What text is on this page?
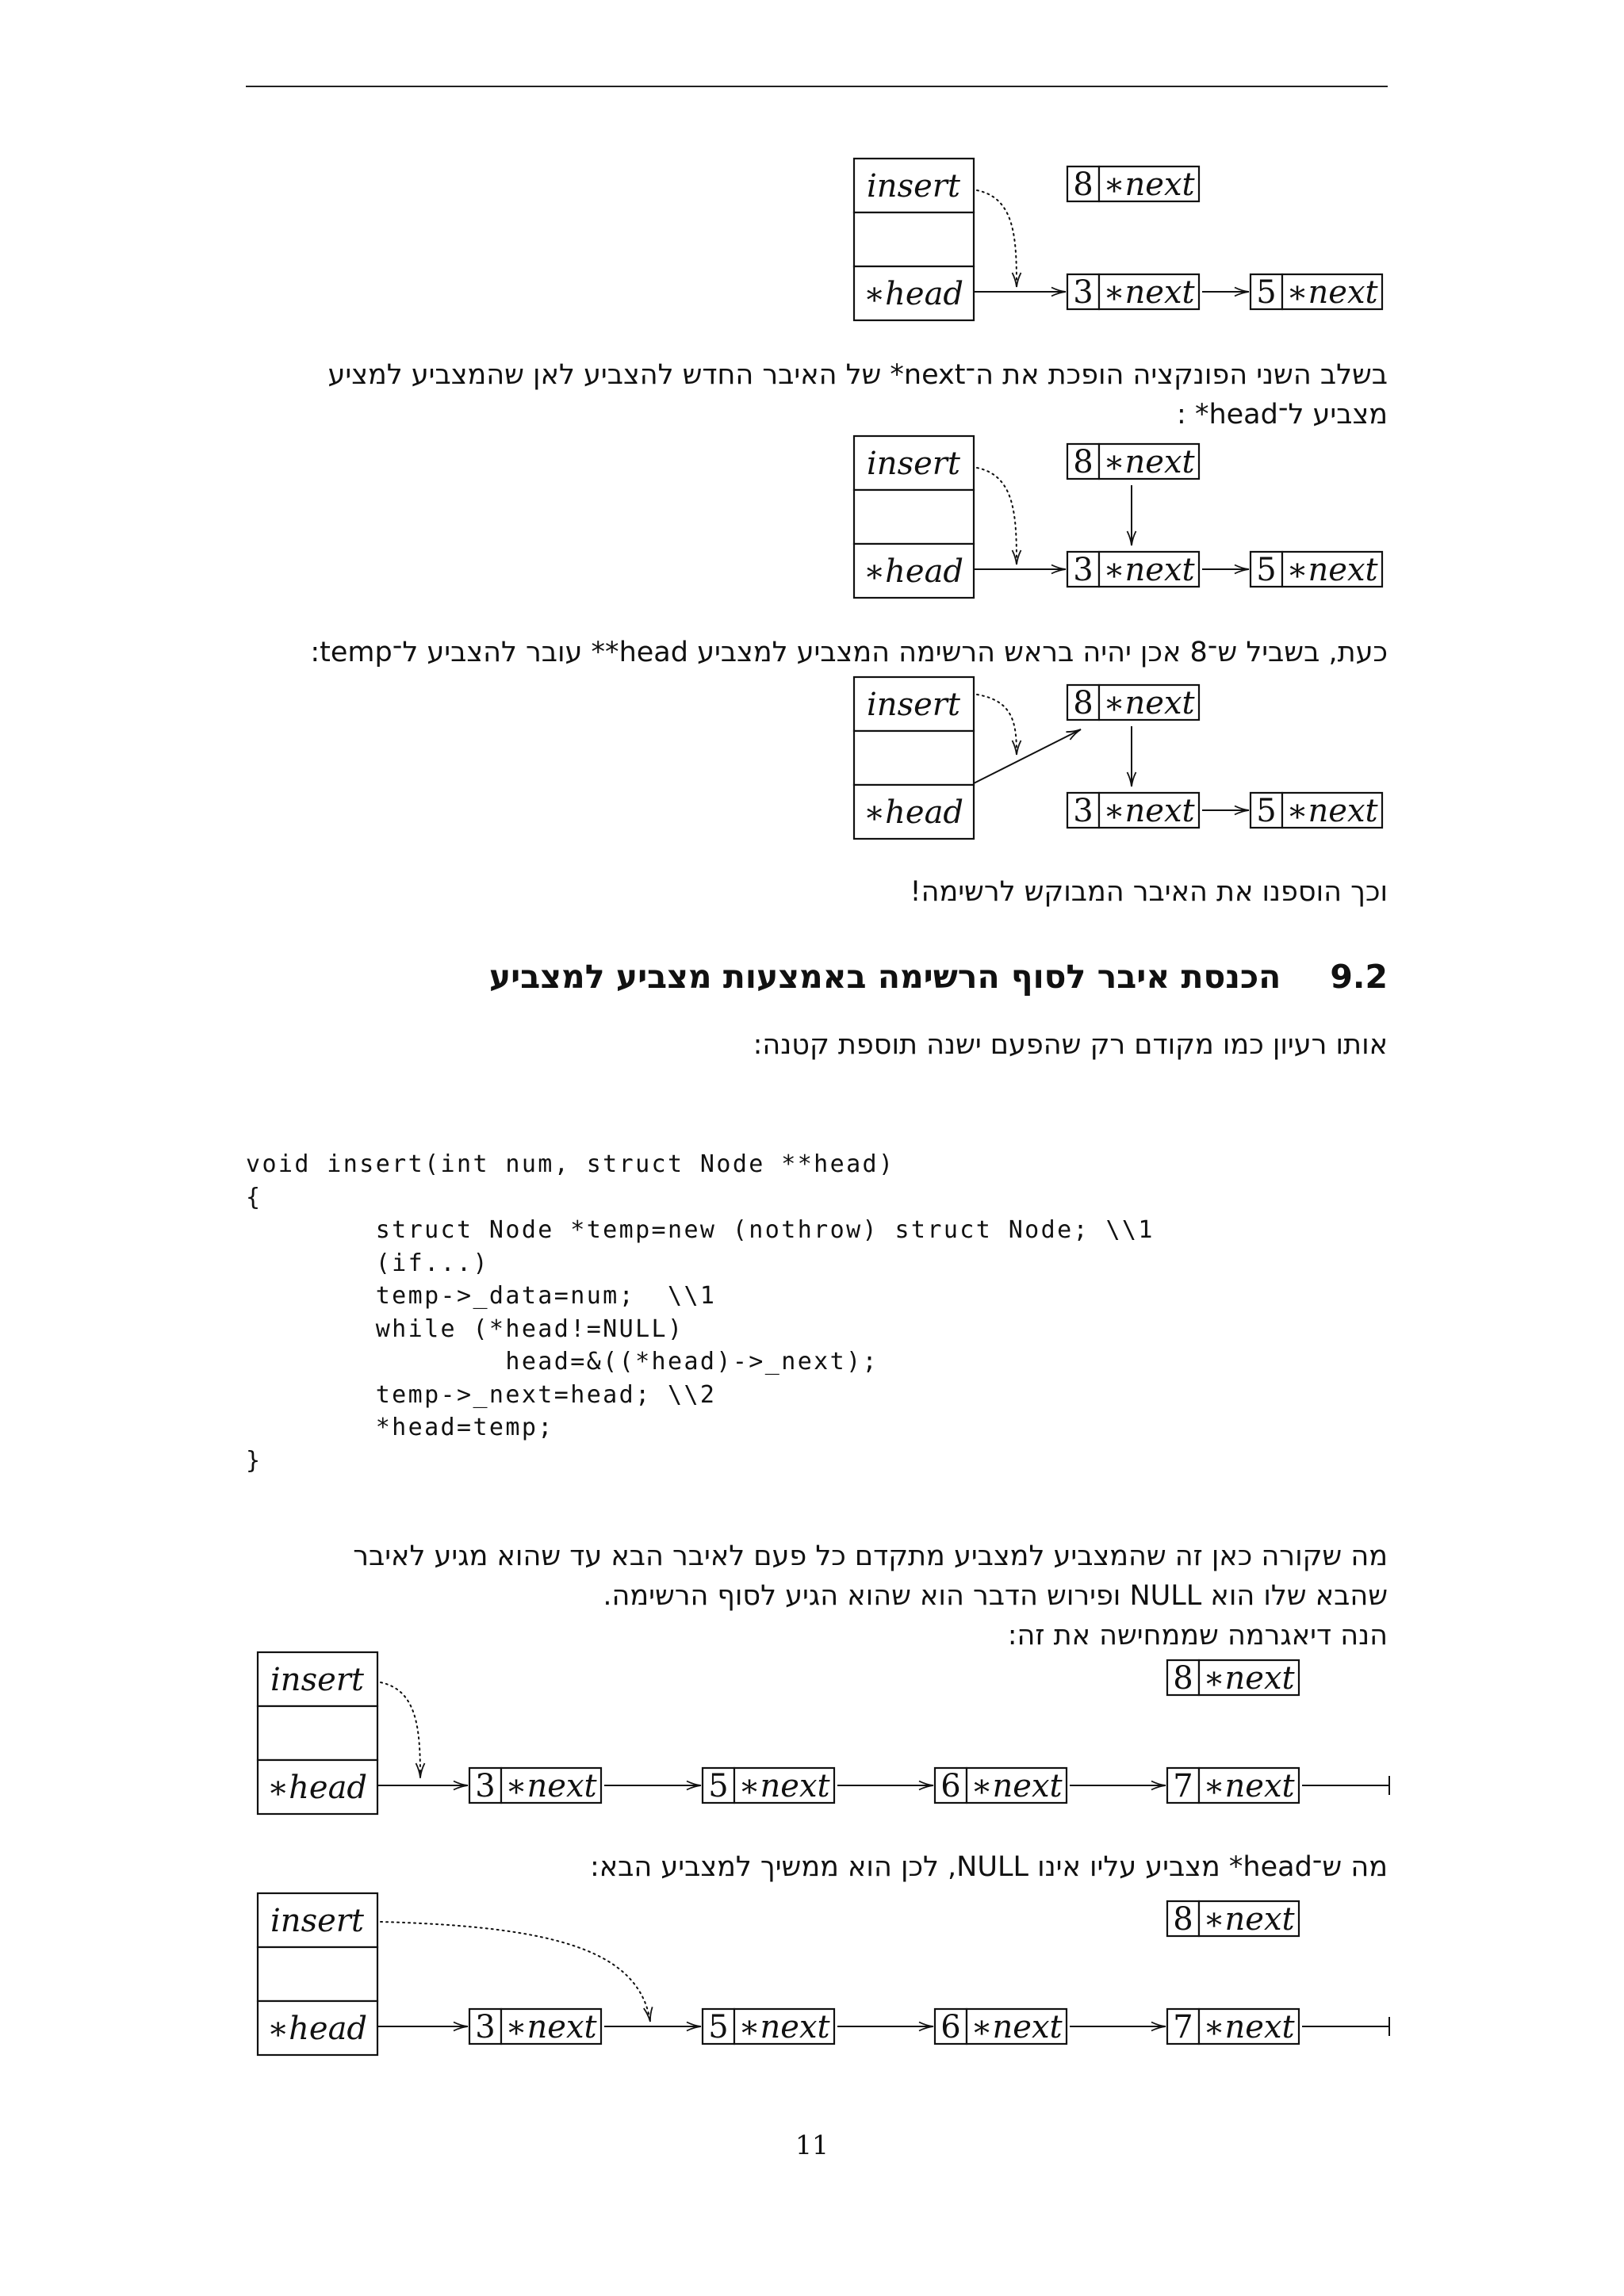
insert
∗head
8 ∗next
3 ∗next 5 ∗next
insert
∗head
8 ∗next
3 ∗next 5 ∗next
insert
∗head
8 ∗next
3 ∗next 5 ∗next
insert
∗head
8 ∗next
3 ∗next	5 ∗next	6 ∗next	7 ∗next
insert
∗head
8 ∗next
3 ∗next	5 ∗next	6 ∗next	7 ∗next

בשלב השני הפונקציה הופכת את ה־next* של האיבר החדש להצביע לאן שהמצביע למציע
מצביע ל־head* :

כעת, בשביל ש־8 אכן יהיה בראש הרשימה המצביע למצביע head** עובר להצביע ל־temp:

וכך הוספנו את האיבר המבוקש לרשימה!

9.2הכנסת איבר לסוף הרשימה באמצעות מצביע למצביע

אותו רעיון כמו מקודם רק שהפעם ישנה תוספת קטנה:

void insert(int num, struct Node **head)
{
struct Node *temp=new (nothrow) struct Node; \\1
(if...)
temp->_data=num;  \\1
while (*head!=NULL)
head=&((*head)->_next);
temp->_next=head; \\2
*head=temp;
}

מה שקורה כאן זה שהמצביע למצביע מתקדם כל פעם לאיבר הבא עד שהוא מגיע לאיבר
שהבא שלו הוא NULL ופירוש הדבר הוא שהוא הגיע לסוף הרשימה.
הנה דיאגרמה שממחישה את זה:

מה ש־head* מצביע עליו אינו NULL, לכן הוא ממשיך למצביע הבא:

11
